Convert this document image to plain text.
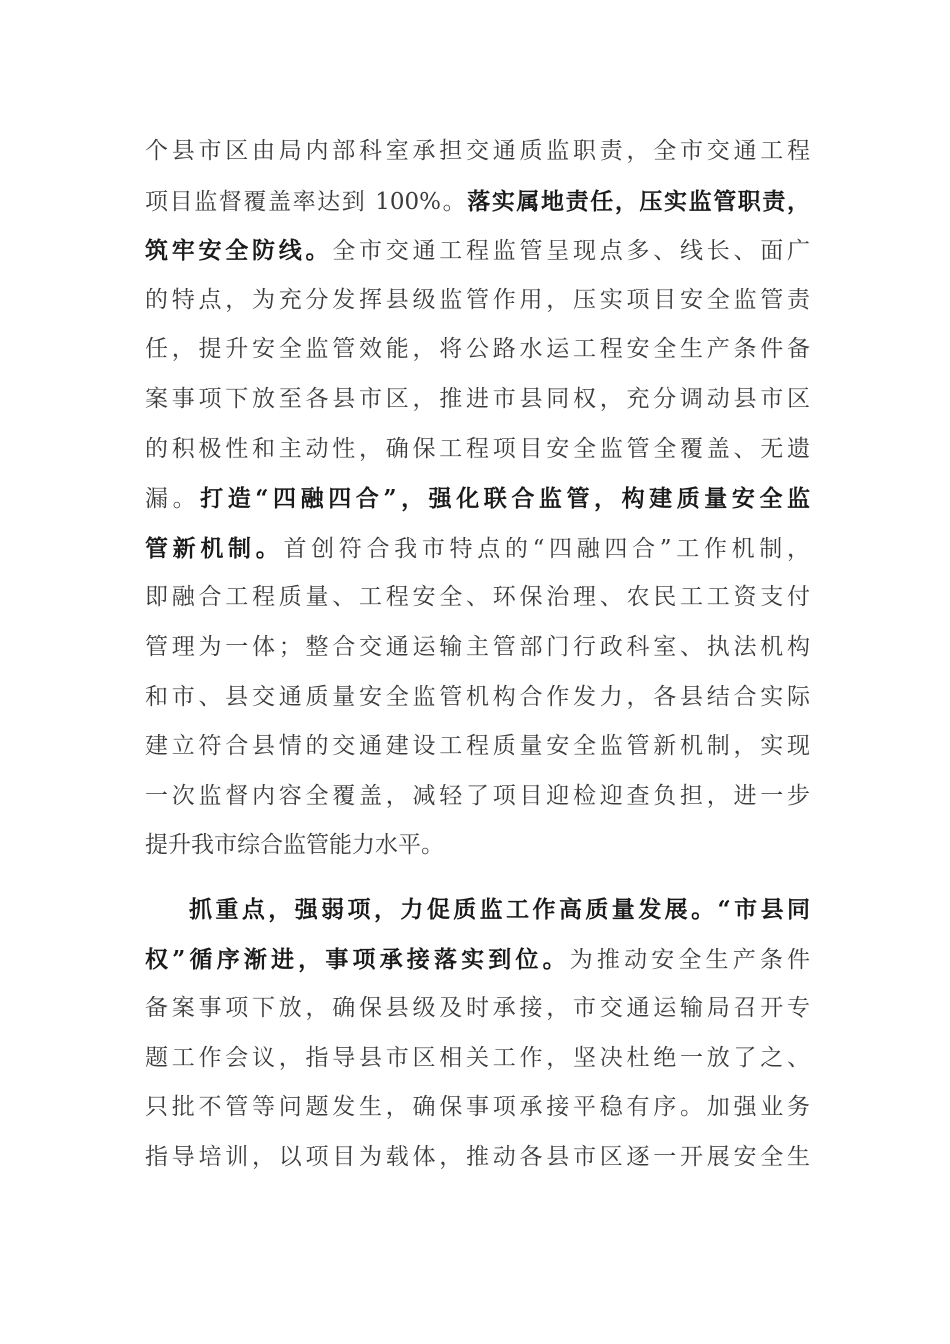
个县市区由局内部科室承担交通质监职责，全市交通工程
项目监督覆盖率达到 100%。落实属地责任，压实监管职责，
筑牢安全防线。全市交通工程监管呈现点多、线长、面广
的特点，为充分发挥县级监管作用，压实项目安全监管责
任，提升安全监管效能，将公路水运工程安全生产条件备
案事项下放至各县市区，推进市县同权，充分调动县市区
的积极性和主动性，确保工程项目安全监管全覆盖、无遗
漏。打造“四融四合”，强化联合监管，构建质量安全监
管新机制。首创符合我市特点的“四融四合”工作机制，
即融合工程质量、工程安全、环保治理、农民工工资支付
管理为一体；整合交通运输主管部门行政科室、执法机构
和市、县交通质量安全监管机构合作发力，各县结合实际
建立符合县情的交通建设工程质量安全监管新机制，实现
一次监督内容全覆盖，减轻了项目迎检迎查负担，进一步
提升我市综合监管能力水平。
抓重点，强弱项，力促质监工作高质量发展。“市县同
权”循序渐进，事项承接落实到位。为推动安全生产条件
备案事项下放，确保县级及时承接，市交通运输局召开专
题工作会议，指导县市区相关工作，坚决杜绝一放了之、
只批不管等问题发生，确保事项承接平稳有序。加强业务
指导培训，以项目为载体，推动各县市区逐一开展安全生
